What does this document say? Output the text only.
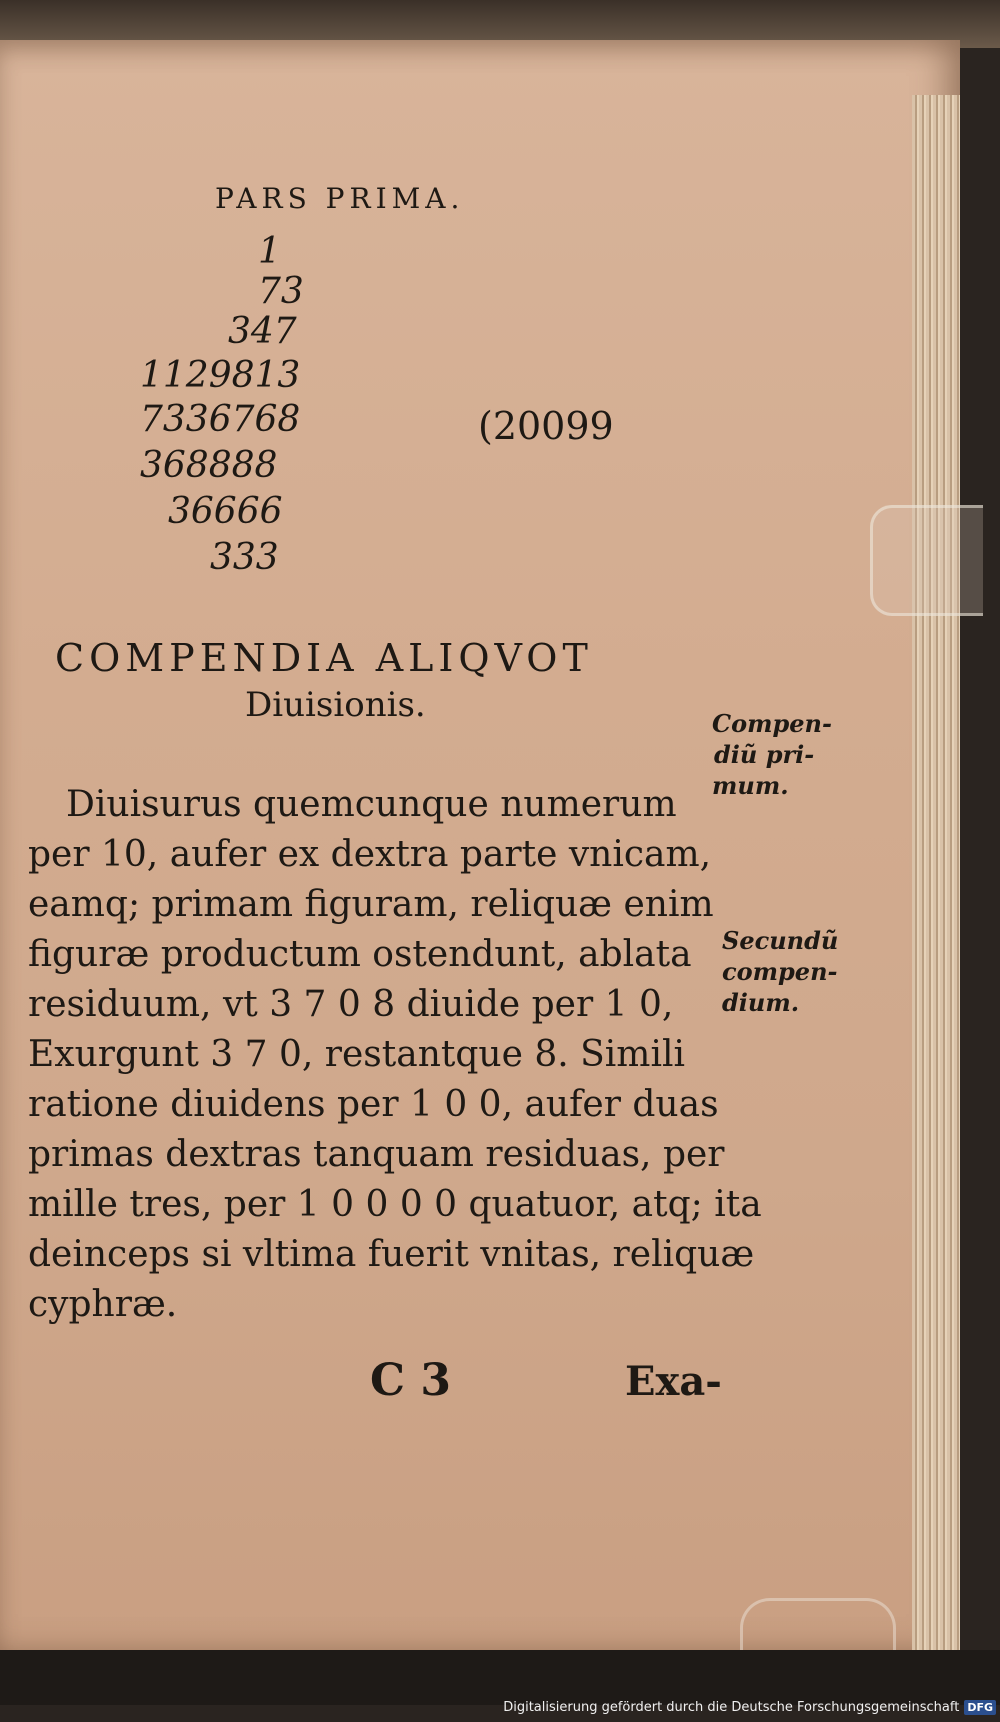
PARS PRIMA.
1
73
347
1129813
7336768
368888
36666
333
(20099
COMPENDIA ALIQVOT
Diuisionis.

Diuisurus quemcunque numerum

per 10, aufer ex dextra parte vnicam,

eamq; primam figuram, reliquæ enim

figuræ productum ostendunt, ablata

residuum, vt 3 7 0 8 diuide per 1 0,

Exurgunt 3 7 0, restantque 8. Simili

ratione diuidens per 1 0 0, aufer duas

primas dextras tanquam residuas, per

mille tres, per 1 0 0 0 0 quatuor, atq; ita

deinceps si vltima fuerit vnitas, reliquæ

cyphræ.

Compen-
diũ pri-
mum.
Secundũ
compen-
dium.
C 3	Exa-
Digitalisierung gefördert durch die Deutsche Forschungsgemeinschaft DFG
